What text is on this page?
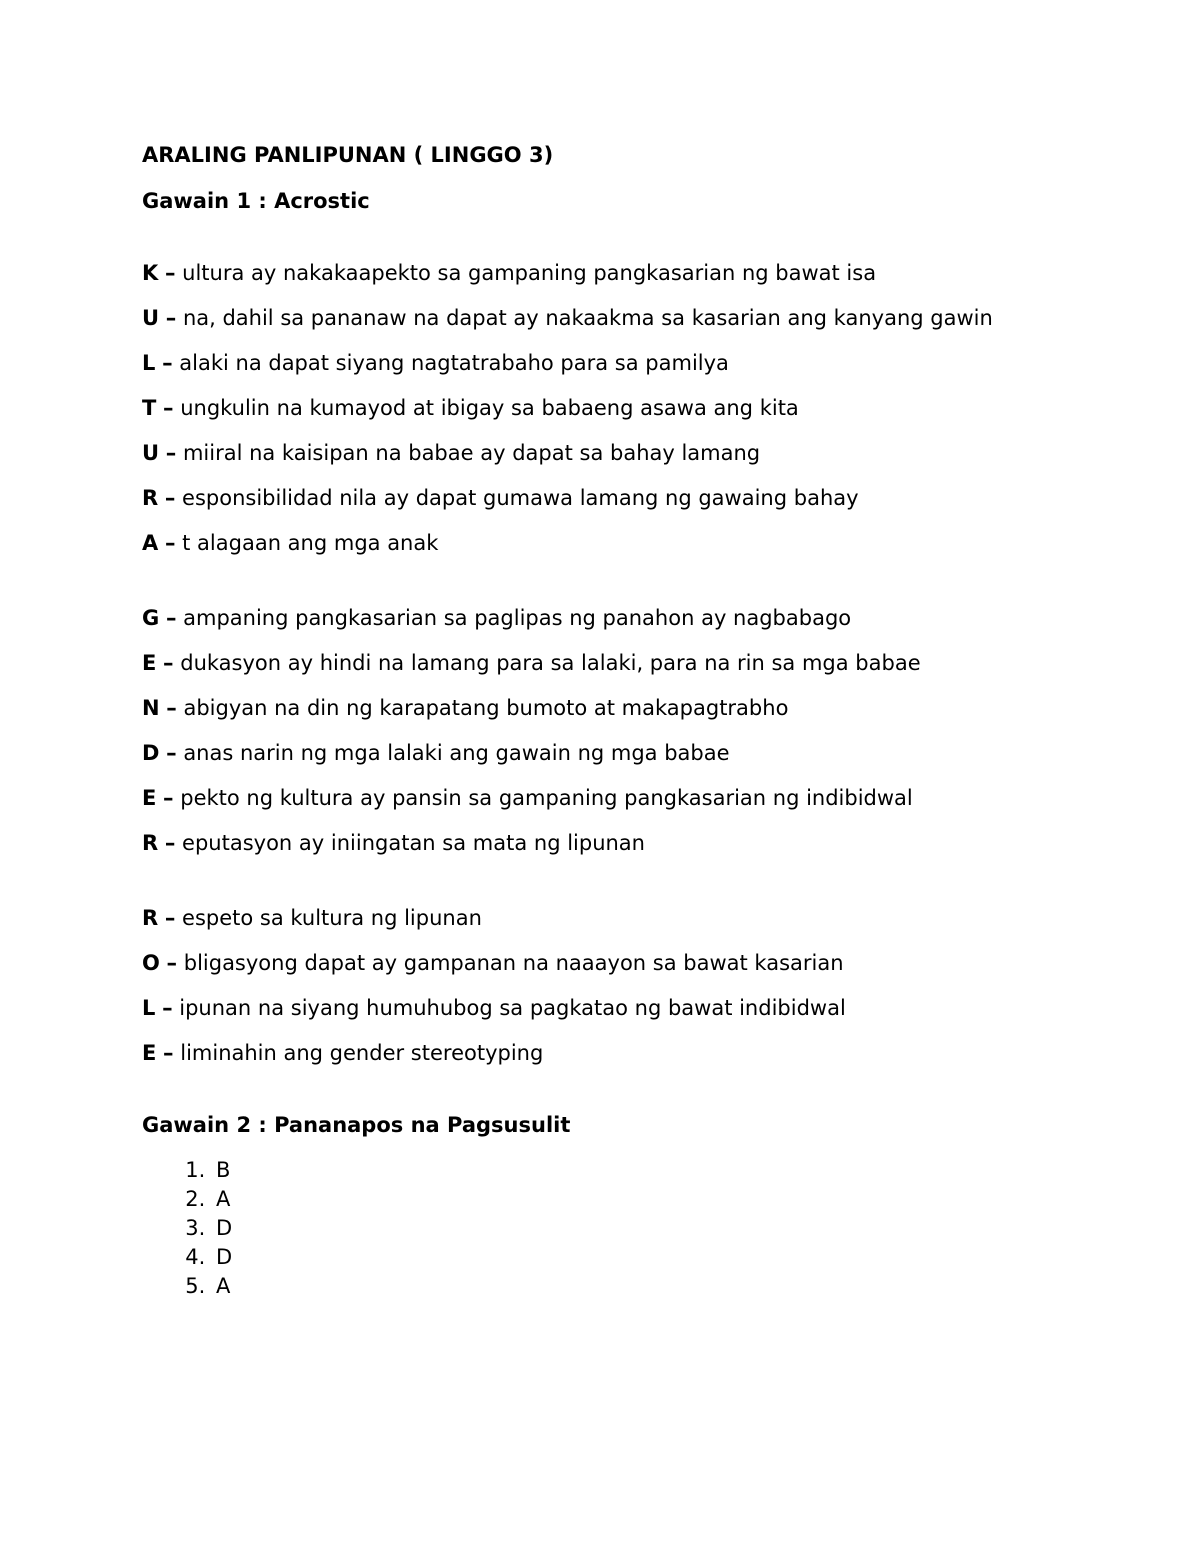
ARALING PANLIPUNAN ( LINGGO 3)

Gawain 1 : Acrostic

K – ultura ay nakakaapekto sa gampaning pangkasarian ng bawat isa

U – na, dahil sa pananaw na dapat ay nakaakma sa kasarian ang kanyang gawin

L – alaki na dapat siyang nagtatrabaho para sa pamilya

T – ungkulin na kumayod at ibigay sa babaeng asawa ang kita

U – miiral na kaisipan na babae ay dapat sa bahay lamang

R – esponsibilidad nila ay dapat gumawa lamang ng gawaing bahay

A – t alagaan ang mga anak

G – ampaning pangkasarian sa paglipas ng panahon ay nagbabago

E – dukasyon ay hindi na lamang para sa lalaki, para na rin sa mga babae

N – abigyan na din ng karapatang bumoto at makapagtrabho

D – anas narin ng mga lalaki ang gawain ng mga babae

E – pekto ng kultura ay pansin sa gampaning pangkasarian ng indibidwal

R – eputasyon ay iniingatan sa mata ng lipunan

R – espeto sa kultura ng lipunan

O – bligasyong dapat ay gampanan na naaayon sa bawat kasarian

L – ipunan na siyang humuhubog sa pagkatao ng bawat indibidwal

E – liminahin ang gender stereotyping

Gawain 2 : Pananapos na Pagsusulit

1. B
2. A
3. D
4. D
5. A
